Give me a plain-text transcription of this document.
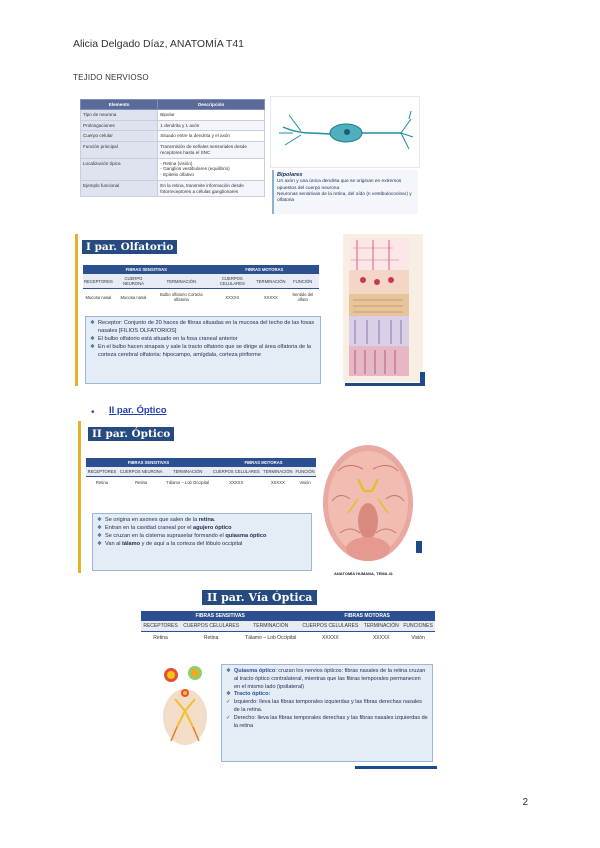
Alicia Delgado Díaz, ANATOMÍA T41
TEJIDO NERVIOSO
Elemento	Descripción
Tipo de neurona	Bipolar
Prolongaciones	1 dendrita y 1 axón
Cuerpo celular	Situado entre la dendrita y el axón
Función principal	Transmisión de señales sensoriales desde receptores hasta el SNC
Localización típica	- Retina (visión)
- Ganglios vestibulares (equilibrio)
- Epitelio olfativo
Ejemplo funcional	En la retina, transmite información desde fotorreceptores a células ganglionares
Bipolares
Un axón y una única dendrita que se originan en extremos opuestos del cuerpo neurona
Neuronas sensitivas de la retina, del oído (n vestibulococlear) y olfatoria
I par. Olfatorio
FIBRAS SENSITIVAS			FIBRAS MOTORAS		
RECEPTORES	CUERPO NEURONA	TERMINACIÓN	CUERPOS CELULARES	TERMINACIÓN	FUNCIÓN
Mucosa nasal	Mucosa nasal	Bulbo olfatorio Corteza olfatoria	XXXXX	XXXXX	Sentido del olfato
❖ Receptor: Conjunto de 20 haces de fibras situadas en la mucosa del techo de las fosas nasales [FILIOS OLFATORIOS]
❖ El bulbo olfatorio está situado en la fosa craneal anterior
❖ En el bulbo hacen sinapsis y sale la tracto olfatorio que se dirige al área olfatoria de la corteza cerebral olfatoria: hipocampo, amígdala, corteza piriforme
• II par. Óptico
II par. Óptico
FIBRAS SENSITIVAS			FIBRAS MOTORAS		
RECEPTORES	CUERPOS NEURONA	TERMINACIÓN	CUERPOS CELULARES	TERMINACIÓN	FUNCIÓN
Retina	Retina	Tálamo – Lob Occipital	XXXXX	XXXXX	Visión
❖ Se origina en axones que salen de la retina.
❖ Entran en la cavidad craneal por el agujero óptico
❖ Se cruzan en la cisterna supraselar formando el quiasma óptico
❖ Van al tálamo y de aquí a la corteza del lóbulo occipital
ANATOMÍA HUMANA, TEMA 41
II par. Vía Óptica
FIBRAS SENSITIVAS			FIBRAS MOTORAS		
RECEPTORES	CUERPOS CELULARES	TERMINACIÓN	CUERPOS CELULARES	TERMINACIÓN	FUNCIONES
Retina	Retina	Tálamo – Lob Occipital	XXXXX	XXXXX	Visión
❖ Quiasma óptico: cruzan los nervios ópticos: fibras nasales de la retina cruzan al tracto óptico contralateral, mientras que las fibras temporales permanecen en el mismo lado (ipsilateral)
❖ Tracto óptico:
✓ Izquierdo: lleva las fibras temporales izquierdas y las fibras derechas nasales de la retina.
✓ Derecho: lleva las fibras temporales derechas y las fibras nasales izquierdas de la retina
2
